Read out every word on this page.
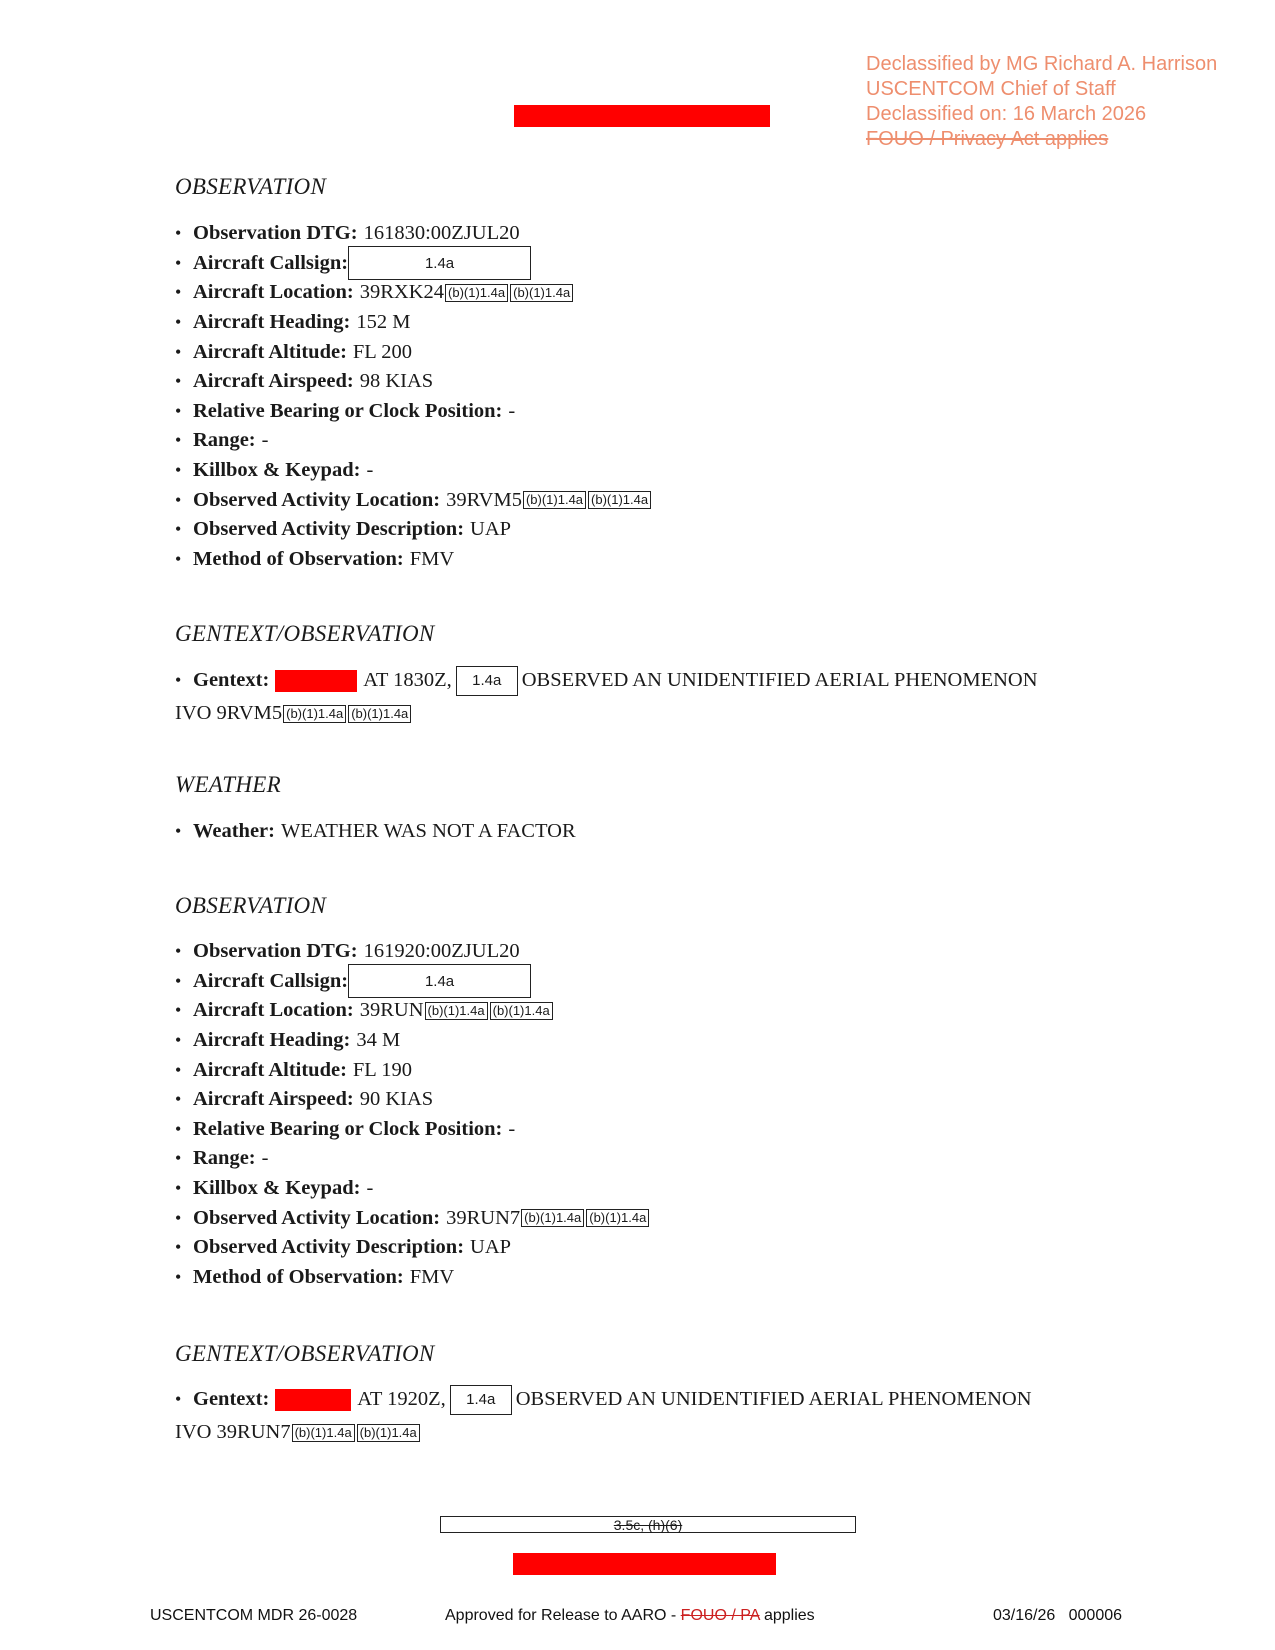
Declassified by MG Richard A. Harrison
USCENTCOM Chief of Staff
Declassified on: 16 March 2026
FOUO / Privacy Act applies
OBSERVATION
• Observation DTG: 161830:00ZJUL20
• Aircraft Callsign:	1.4a
• Aircraft Location: 39RXK24 (b)(1)1.4a (b)(1)1.4a
• Aircraft Heading: 152 M
• Aircraft Altitude: FL 200
• Aircraft Airspeed: 98 KIAS
• Relative Bearing or Clock Position: -
• Range: -
• Killbox & Keypad: -
• Observed Activity Location: 39RVM5 (b)(1)1.4a (b)(1)1.4a
• Observed Activity Description: UAP
• Method of Observation: FMV
GENTEXT/OBSERVATION
• Gentext:	AT 1830Z,	1.4a OBSERVED AN UNIDENTIFIED AERIAL PHENOMENON
IVO 9RVM5 (b)(1)1.4a (b)(1)1.4a
WEATHER
• Weather: WEATHER WAS NOT A FACTOR
OBSERVATION
• Observation DTG: 161920:00ZJUL20
• Aircraft Callsign:	1.4a
• Aircraft Location: 39RUN (b)(1)1.4a (b)(1)1.4a
• Aircraft Heading: 34 M
• Aircraft Altitude: FL 190
• Aircraft Airspeed: 90 KIAS
• Relative Bearing or Clock Position: -
• Range: -
• Killbox & Keypad: -
• Observed Activity Location: 39RUN7 (b)(1)1.4a (b)(1)1.4a
• Observed Activity Description: UAP
• Method of Observation: FMV
GENTEXT/OBSERVATION
• Gentext:	AT 1920Z,	1.4a OBSERVED AN UNIDENTIFIED AERIAL PHENOMENON
IVO 39RUN7 (b)(1)1.4a (b)(1)1.4a
3.5c, (h)(6)
USCENTCOM MDR 26-0028	Approved for Release to AARO - FOUO / PA applies	03/16/26   000006
